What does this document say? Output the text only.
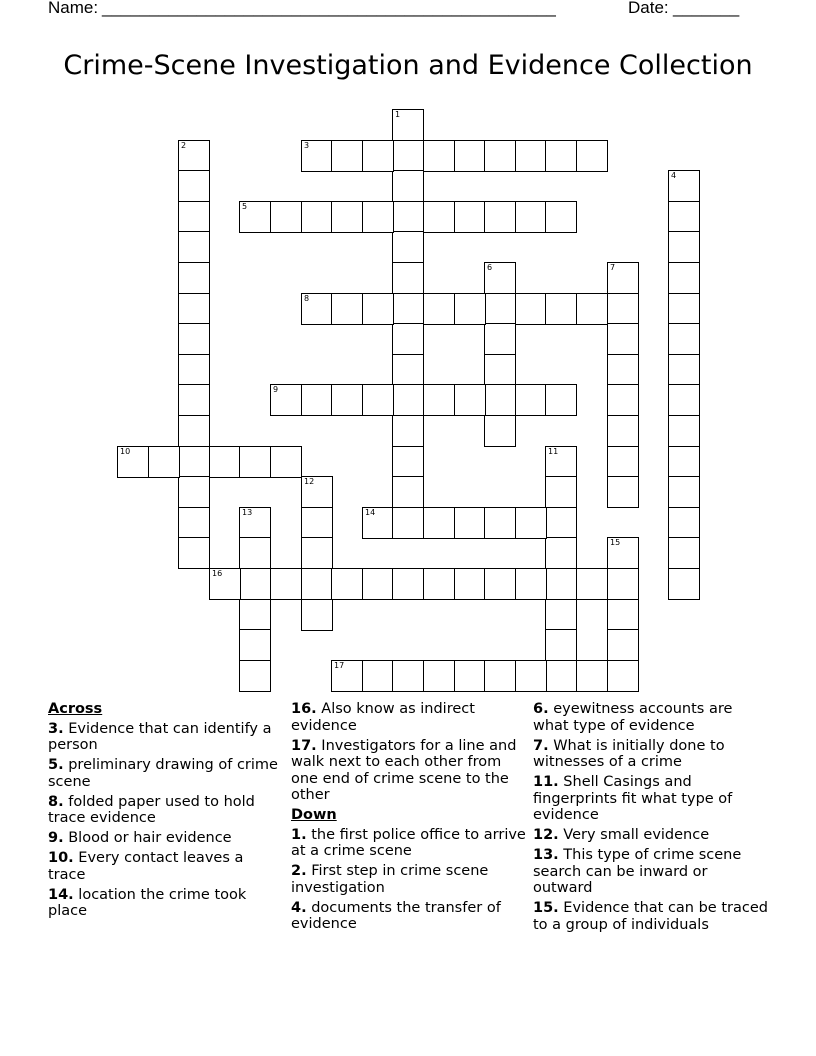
Name: ________________________________________________	Date: _______
Crime-Scene Investigation and Evidence Collection
1
2	3
4
5
6	7
8
9
10	11
12
13	14
15
16
17
Across
3. Evidence that can identify a person
5. preliminary drawing of crime scene
8. folded paper used to hold trace evidence
9. Blood or hair evidence
10. Every contact leaves a trace
14. location the crime took place
16. Also know as indirect evidence
17. Investigators for a line and walk next to each other from one end of crime scene to the other
Down
1. the first police office to arrive at a crime scene
2. First step in crime scene investigation
4. documents the transfer of evidence
6. eyewitness accounts are what type of evidence
7. What is initially done to witnesses of a crime
11. Shell Casings and fingerprints fit what type of evidence
12. Very small evidence
13. This type of crime scene search can be inward or outward
15. Evidence that can be traced to a group of individuals
